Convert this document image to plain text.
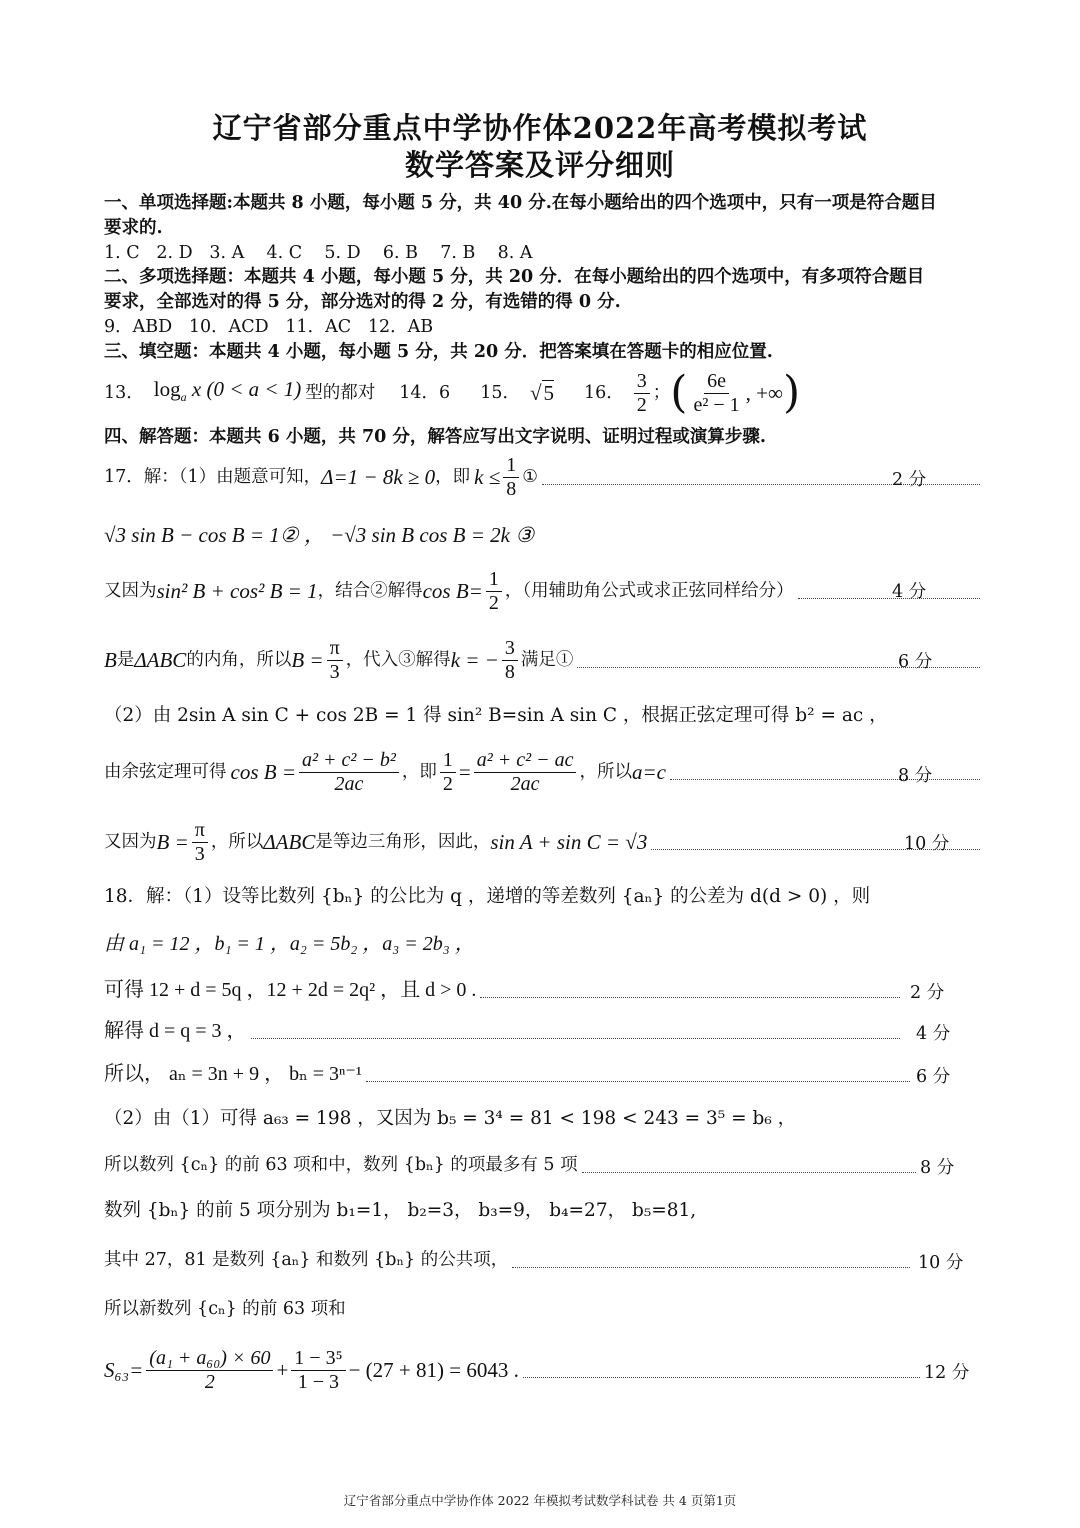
辽宁省部分重点中学协作体2022年高考模拟考试
数学答案及评分细则
一、单项选择题:本题共 8 小题，每小题 5 分，共 40 分.在每小题给出的四个选项中，只有一项是符合题目
要求的.
1. C   2. D   3. A    4. C    5. D    6. B    7. B    8. A
二、多项选择题：本题共 4 小题，每小题 5 分，共 20 分．在每小题给出的四个选项中，有多项符合题目
要求，全部选对的得 5 分，部分选对的得 2 分，有选错的得 0 分.
9．ABD   10．ACD   11．AC   12．AB
三、填空题：本题共 4 小题，每小题 5 分，共 20 分．把答案填在答题卡的相应位置.
13． $\log_a x$ (0 < a < 1) 型的都对 14．6 15． √5 16． $\frac{3}{2}$ ； ( $\frac{6e}{\text{e² − 1}}$ , +∞ )
四、解答题：本题共 6 小题，共 70 分，解答应写出文字说明、证明过程或演算步骤.
17．解：（1）由题意可知， Δ=1 − 8k ≥ 0 ，即 $k \le \frac{1}{8}$ ①	2 分
√3 sin B − cos B = 1② ， −√3 sin B cos B = 2k ③
又因为 sin² B + cos² B = 1 ，结合②解得 $\cos B= \frac{1}{2}$ ，（用辅助角公式或求正弦同样给分）	4 分
B 是 ΔABC 的内角，所以 $B = \frac{\pi}{3}$ ，代入③解得 k = − $\frac{3}{8}$ 满足①	6 分
（2）由 2sin A sin C + cos 2B = 1 得 sin² B=sin A sin C ，根据正弦定理可得 b² = ac ，
由余弦定理可得 $\cos B = \frac{\text{a² + c² − b²}}{2ac}$ ，即 $\frac{1}{2} = \frac{\text{a² + c² − ac}}{2ac}$ ，所以 a=c	8 分
又因为 $B = \frac{\pi}{3}$ ，所以 ΔABC 是等边三角形，因此， sin A + sin C = √3	10 分
18．解：（1）设等比数列 {bₙ} 的公比为 q ，递增的等差数列 {aₙ} 的公差为 d(d > 0) ，则
由 a₁ = 12 ，b₁ = 1 ，a₂ = 5b₂ ，a₃ = 2b₃ ，
可得 12 + d = 5q ，12 + 2d = 2q² ，且 d > 0 .	2 分
解得 d = q = 3 ，	4 分
所以， aₙ = 3n + 9 ， bₙ = 3ⁿ⁻¹	6 分
（2）由（1）可得 a₆₃ = 198 ，又因为 b₅ = 3⁴ = 81 < 198 < 243 = 3⁵ = b₆ ，
所以数列 {cₙ} 的前 63 项和中，数列 {bₙ} 的项最多有 5 项	8 分
数列 {bₙ} 的前 5 项分别为 b₁=1， b₂=3， b₃=9， b₄=27， b₅=81,
其中 27，81 是数列 {aₙ} 和数列 {bₙ} 的公共项，	10 分
所以新数列 {cₙ} 的前 63 项和
$S_{63}= \frac{\text{(a₁ + a₆₀) × 60}}{2} + \frac{\text{1 − 3⁵}}{1 - 3} - (27 + 81) = 6043$ .	12 分
辽宁省部分重点中学协作体 2022 年模拟考试数学科试卷 共 4 页第1页
